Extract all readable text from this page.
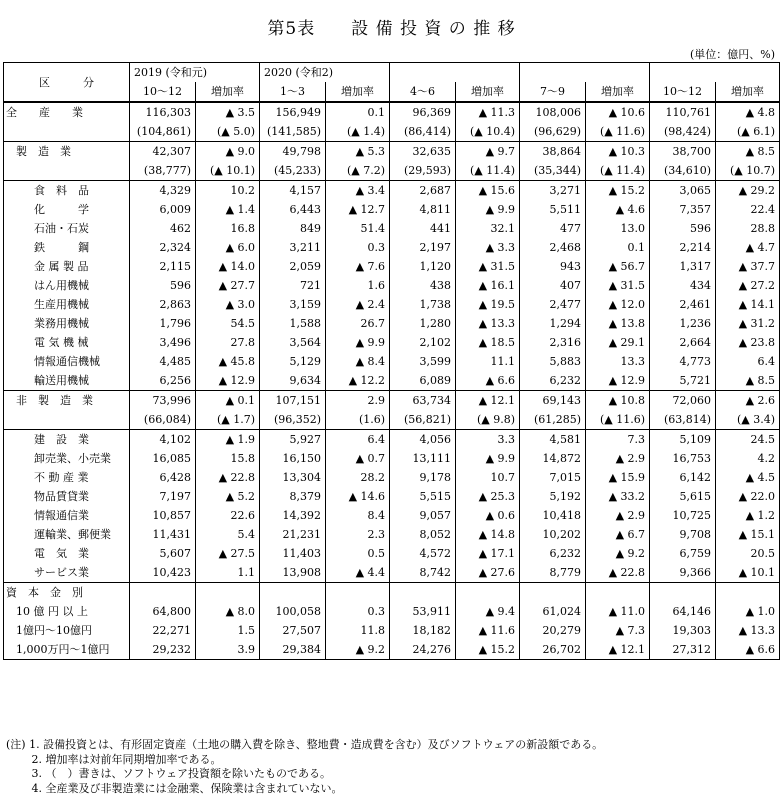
第5表　　設 備 投 資 の 推 移
(単位：億円、%)
区　　　分	2019 (令和元)		2020 (令和2)							
	10～12	増加率	1～3	増加率	4～6	増加率	7～9	増加率	10～12	増加率
全　　産　　業	116,303	▲ 3.5	156,949	0.1	96,369	▲ 11.3	108,006	▲ 10.6	110,761	▲ 4.8
	(104,861)	(▲ 5.0)	(141,585)	(▲ 1.4)	(86,414)	(▲ 10.4)	(96,629)	(▲ 11.6)	(98,424)	(▲ 6.1)
製　造　業	42,307	▲ 9.0	49,798	▲ 5.3	32,635	▲ 9.7	38,864	▲ 10.3	38,700	▲ 8.5
	(38,777)	(▲ 10.1)	(45,233)	(▲ 7.2)	(29,593)	(▲ 11.4)	(35,344)	(▲ 11.4)	(34,610)	(▲ 10.7)
食　料　品	4,329	10.2	4,157	▲ 3.4	2,687	▲ 15.6	3,271	▲ 15.2	3,065	▲ 29.2
化　　　学	6,009	▲ 1.4	6,443	▲ 12.7	4,811	▲ 9.9	5,511	▲ 4.6	7,357	22.4
石油・石炭	462	16.8	849	51.4	441	32.1	477	13.0	596	28.8
鉄　　　鋼	2,324	▲ 6.0	3,211	0.3	2,197	▲ 3.3	2,468	0.1	2,214	▲ 4.7
金 属 製 品	2,115	▲ 14.0	2,059	▲ 7.6	1,120	▲ 31.5	943	▲ 56.7	1,317	▲ 37.7
はん用機械	596	▲ 27.7	721	1.6	438	▲ 16.1	407	▲ 31.5	434	▲ 27.2
生産用機械	2,863	▲ 3.0	3,159	▲ 2.4	1,738	▲ 19.5	2,477	▲ 12.0	2,461	▲ 14.1
業務用機械	1,796	54.5	1,588	26.7	1,280	▲ 13.3	1,294	▲ 13.8	1,236	▲ 31.2
電 気 機 械	3,496	27.8	3,564	▲ 9.9	2,102	▲ 18.5	2,316	▲ 29.1	2,664	▲ 23.8
情報通信機械	4,485	▲ 45.8	5,129	▲ 8.4	3,599	11.1	5,883	13.3	4,773	6.4
輸送用機械	6,256	▲ 12.9	9,634	▲ 12.2	6,089	▲ 6.6	6,232	▲ 12.9	5,721	▲ 8.5
非　製　造　業	73,996	▲ 0.1	107,151	2.9	63,734	▲ 12.1	69,143	▲ 10.8	72,060	▲ 2.6
	(66,084)	(▲ 1.7)	(96,352)	(1.6)	(56,821)	(▲ 9.8)	(61,285)	(▲ 11.6)	(63,814)	(▲ 3.4)
建　設　業	4,102	▲ 1.9	5,927	6.4	4,056	3.3	4,581	7.3	5,109	24.5
卸売業、小売業	16,085	15.8	16,150	▲ 0.7	13,111	▲ 9.9	14,872	▲ 2.9	16,753	4.2
不 動 産 業	6,428	▲ 22.8	13,304	28.2	9,178	10.7	7,015	▲ 15.9	6,142	▲ 4.5
物品賃貸業	7,197	▲ 5.2	8,379	▲ 14.6	5,515	▲ 25.3	5,192	▲ 33.2	5,615	▲ 22.0
情報通信業	10,857	22.6	14,392	8.4	9,057	▲ 0.6	10,418	▲ 2.9	10,725	▲ 1.2
運輸業、郵便業	11,431	5.4	21,231	2.3	8,052	▲ 14.8	10,202	▲ 6.7	9,708	▲ 15.1
電　気　業	5,607	▲ 27.5	11,403	0.5	4,572	▲ 17.1	6,232	▲ 9.2	6,759	20.5
サービス業	10,423	1.1	13,908	▲ 4.4	8,742	▲ 27.6	8,779	▲ 22.8	9,366	▲ 10.1
資　本　金　別										
10 億 円 以 上	64,800	▲ 8.0	100,058	0.3	53,911	▲ 9.4	61,024	▲ 11.0	64,146	▲ 1.0
1億円～10億円	22,271	1.5	27,507	11.8	18,182	▲ 11.6	20,279	▲ 7.3	19,303	▲ 13.3
1,000万円～1億円	29,232	3.9	29,384	▲ 9.2	24,276	▲ 15.2	26,702	▲ 12.1	27,312	▲ 6.6
(注) 1. 設備投資とは、有形固定資産（土地の購入費を除き、整地費・造成費を含む）及びソフトウェアの新設額である。
　　 2. 増加率は対前年同期増加率である。
　　 3. （　）書きは、ソフトウェア投資額を除いたものである。
　　 4. 全産業及び非製造業には金融業、保険業は含まれていない。
